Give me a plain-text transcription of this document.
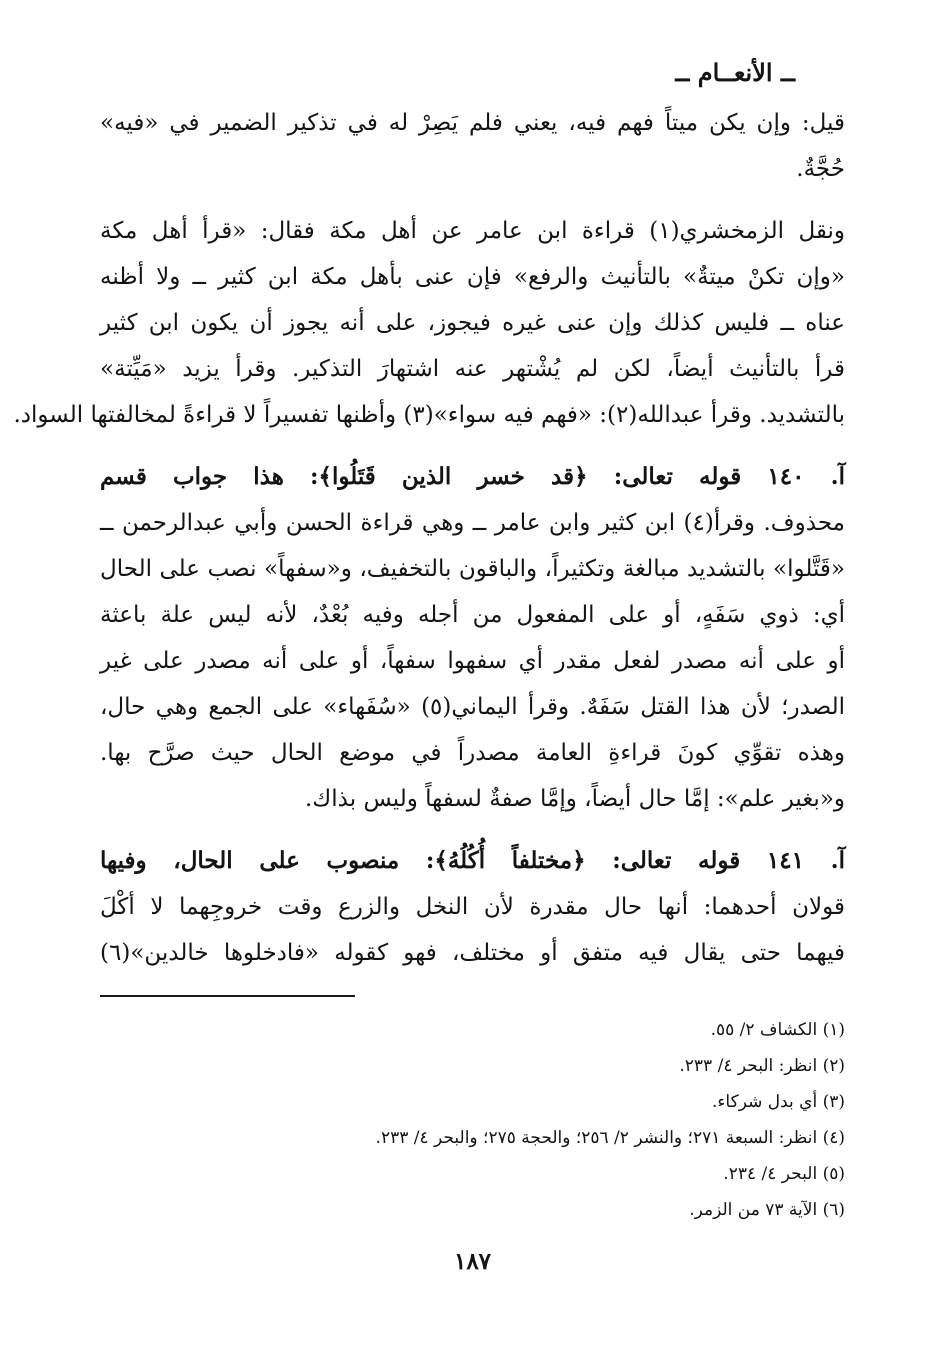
ــ الأنعــام ــ
قيل: وإن يكن ميتاً فهم فيه، يعني فلم يَصِرْ له في تذكير الضمير في «فيه»
حُجَّةٌ.
ونقل الزمخشري(١) قراءة ابن عامر عن أهل مكة فقال: «قرأ أهل مكة
«وإن تكنْ ميتةٌ» بالتأنيث والرفع» فإن عنى بأهل مكة ابن كثير ــ ولا أظنه
عناه ــ فليس كذلك وإن عنى غيره فيجوز، على أنه يجوز أن يكون ابن كثير
قرأ بالتأنيث أيضاً، لكن لم يُشْتهر عنه اشتهارَ التذكير. وقرأ يزيد «مَيِّتة»
بالتشديد. وقرأ عبدالله(٢): «فهم فيه سواء»(٣) وأظنها تفسيراً لا قراءةً لمخالفتها السواد.
آ. ١٤٠ قوله تعالى: ﴿قد خسر الذين قَتَلُوا﴾: هذا جواب قسم
محذوف. وقرأ(٤) ابن كثير وابن عامر ــ وهي قراءة الحسن وأبي عبدالرحمن ــ
«قَتَّلوا» بالتشديد مبالغة وتكثيراً، والباقون بالتخفيف، و«سفهاً» نصب على الحال
أي: ذوي سَفَهٍ، أو على المفعول من أجله وفيه بُعْدٌ، لأنه ليس علة باعثة
أو على أنه مصدر لفعل مقدر أي سفهوا سفهاً، أو على أنه مصدر على غير
الصدر؛ لأن هذا القتل سَفَهٌ. وقرأ اليماني(٥) «سُفَهاء» على الجمع وهي حال،
وهذه تقوِّي كونَ قراءةِ العامة مصدراً في موضع الحال حيث صرَّح بها.
و«بغير علم»: إمَّا حال أيضاً، وإمَّا صفةٌ لسفهاً وليس بذاك.
آ. ١٤١ قوله تعالى: ﴿مختلفاً أُكُلُهُ﴾: منصوب على الحال، وفيها
قولان أحدهما: أنها حال مقدرة لأن النخل والزرع وقت خروجِهما لا أكْلَ
فيهما حتى يقال فيه متفق أو مختلف، فهو كقوله «فادخلوها خالدين»(٦)
(١) الكشاف ٢/ ٥٥.
(٢) انظر: البحر ٤/ ٢٣٣.
(٣) أي بدل شركاء.
(٤) انظر: السبعة ٢٧١؛ والنشر ٢/ ٢٥٦؛ والحجة ٢٧٥؛ والبحر ٤/ ٢٣٣.
(٥) البحر ٤/ ٢٣٤.
(٦) الآية ٧٣ من الزمر.
١٨٧
